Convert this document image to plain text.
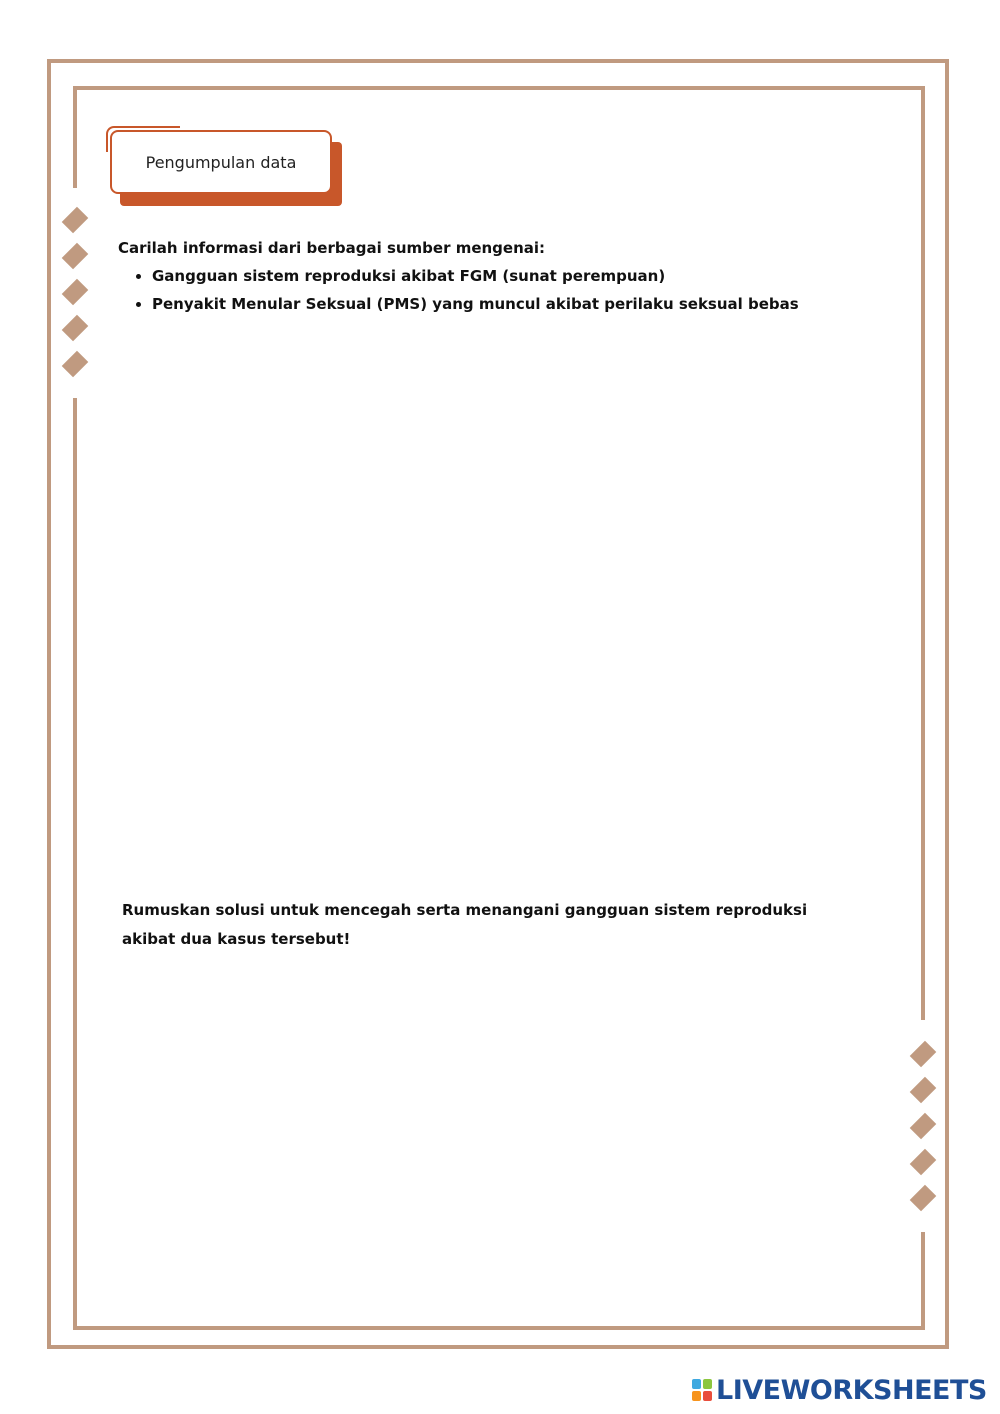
Pengumpulan data
Carilah informasi dari berbagai sumber mengenai:
• Gangguan sistem reproduksi akibat FGM (sunat perempuan)
• Penyakit Menular Seksual (PMS) yang muncul akibat perilaku seksual bebas
Rumuskan solusi untuk mencegah serta menangani gangguan sistem reproduksi akibat dua kasus tersebut!
LIVEWORKSHEETS
